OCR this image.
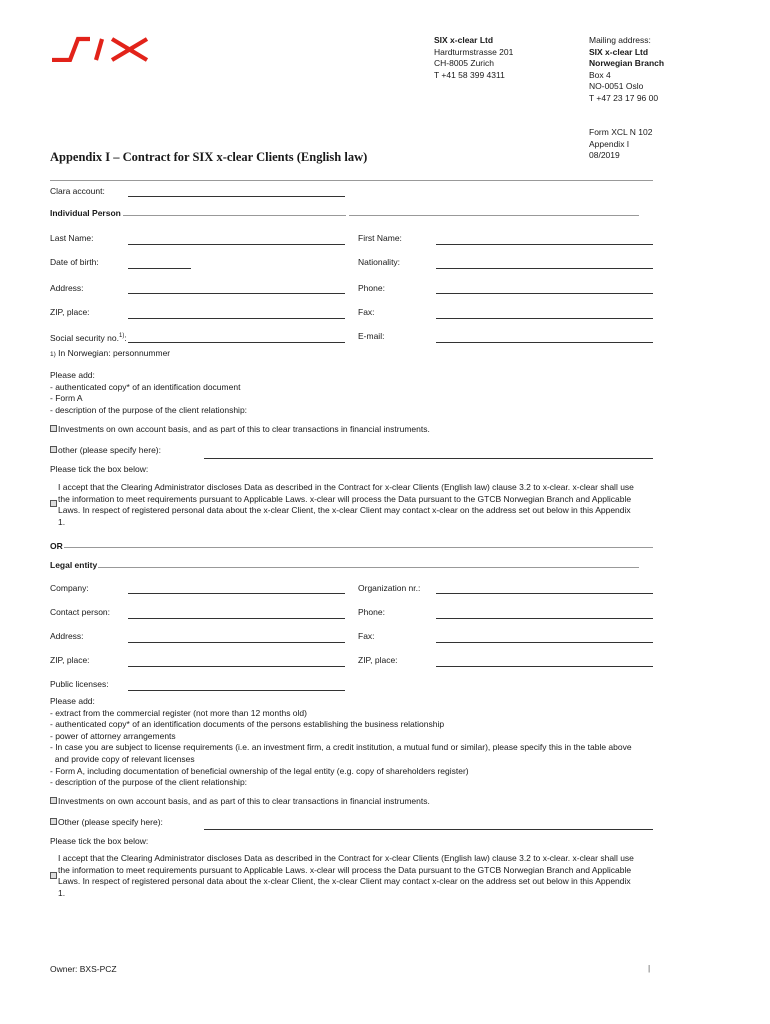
SIX x-clear Ltd
Hardturmstrasse 201
CH-8005 Zurich
T +41 58 399 4311
Mailing address:
SIX x-clear Ltd
Norwegian Branch
Box 4
NO-0051 Oslo
T +47 23 17 96 00
Form XCL N 102
Appendix I
08/2019
Appendix I – Contract for SIX x-clear Clients (English law)
Clara account:
Individual Person
Last Name:	First Name:
Date of birth:	Nationality:
Address:	Phone:
ZIP, place:	Fax:
Social security no.$^{1)}$:	E-mail:
1) In Norwegian: personnummer
Please add:
- authenticated copy* of an identification document
- Form A
- description of the purpose of the client relationship:
Investments on own account basis, and as part of this to clear transactions in financial instruments.
other (please specify here):
Please tick the box below:
I accept that the Clearing Administrator discloses Data as described in the Contract for x-clear Clients (English law) clause 3.2 to x-clear. x-clear shall use
the information to meet requirements pursuant to Applicable Laws. x-clear will process the Data pursuant to the GTCB Norwegian Branch and Applicable
Laws. In respect of registered personal data about the x-clear Client, the x-clear Client may contact x-clear on the address set out below in this Appendix
1.
OR
Legal entity
Company:	Organization nr.:
Contact person:	Phone:
Address:	Fax:
ZIP, place:	ZIP, place:
Public licenses:
Please add:
- extract from the commercial register (not more than 12 months old)
- authenticated copy* of an identification documents of the persons establishing the business relationship
- power of attorney arrangements
- In case you are subject to license requirements (i.e. an investment firm, a credit institution, a mutual fund or similar), please specify this in the table above
and provide copy of relevant licenses
- Form A, including documentation of beneficial ownership of the legal entity (e.g. copy of shareholders register)
- description of the purpose of the client relationship:
Investments on own account basis, and as part of this to clear transactions in financial instruments.
Other (please specify here):
Please tick the box below:
I accept that the Clearing Administrator discloses Data as described in the Contract for x-clear Clients (English law) clause 3.2 to x-clear. x-clear shall use
the information to meet requirements pursuant to Applicable Laws. x-clear will process the Data pursuant to the GTCB Norwegian Branch and Applicable
Laws. In respect of registered personal data about the x-clear Client, the x-clear Client may contact x-clear on the address set out below in this Appendix
1.
Owner: BXS-PCZ	|
